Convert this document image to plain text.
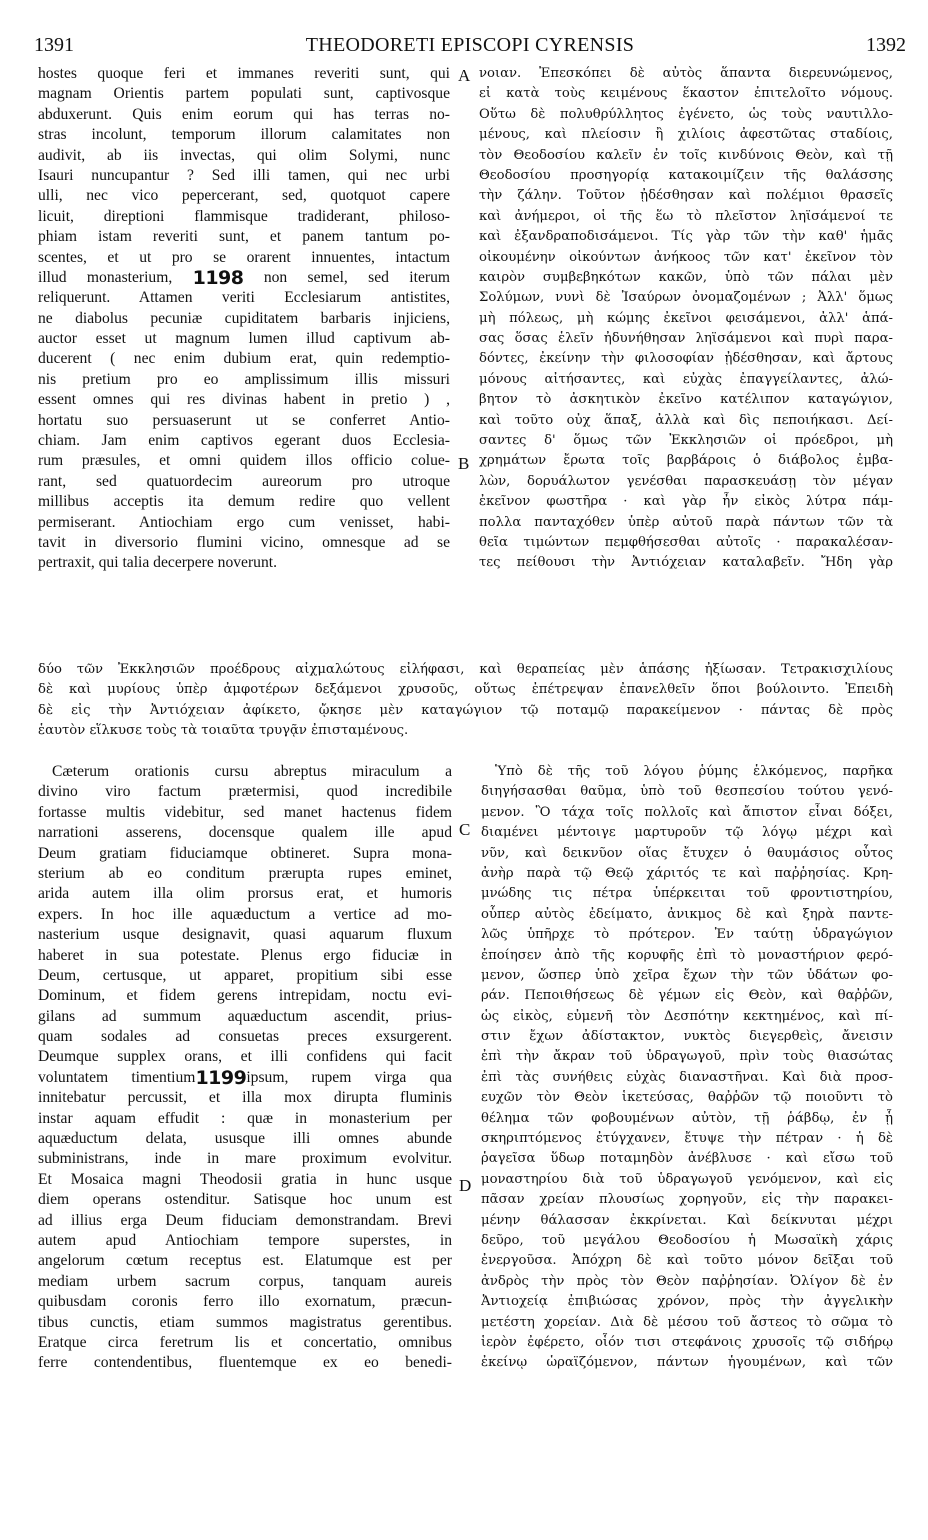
1391	THEODORETI EPISCOPI CYRENSIS	1392
hostes quoque feri et immanes reveriti sunt, qui
magnam Orientis partem populati sunt, captivosque
abduxerunt. Quis enim eorum qui has terras no-
stras incolunt, temporum illorum calamitates non
audivit, ab iis invectas, qui olim Solymi, nunc
Isauri nuncupantur ? Sed illi tamen, qui nec urbi
ulli, nec vico pepercerant, sed, quotquot capere
licuit, direptioni flammisque tradiderant, philoso-
phiam istam reveriti sunt, et panem tantum po-
scentes, et ut pro se orarent innuentes, intactum
illud monasterium, 1198 non semel, sed iterum
reliquerunt. Attamen veriti Ecclesiarum antistites,
ne diabolus pecuniæ cupiditatem barbaris injiciens,
auctor esset ut magnum lumen illud captivum ab-
ducerent ( nec enim dubium erat, quin redemptio-
nis pretium pro eo amplissimum illis missuri
essent omnes qui res divinas habent in pretio ) ,
hortatu suo persuaserunt ut se conferret Antio-
chiam. Jam enim captivos egerant duos Ecclesia-
rum præsules, et omni quidem illos officio colue-
rant, sed quatuordecim aureorum pro utroque
millibus acceptis ita demum redire quo vellent
permiserant. Antiochiam ergo cum venisset, habi-
tavit in diversorio flumini vicino, omnesque ad se
pertraxit, qui talia decerpere noverunt.
A
B
C
D
νοιαν. Ἐπεσκόπει δὲ αὐτὸς ἅπαντα διερευνώμενος,
εἰ κατὰ τοὺς κειμένους ἕκαστον ἐπιτελοῖτο νόμους.
Οὕτω δὲ πολυθρύλλητος ἐγένετο, ὡς τοὺς ναυτιλλο-
μένους, καὶ πλείοσιν ἢ χιλίοις ἀφεστῶτας σταδίοις,
τὸν Θεοδοσίου καλεῖν ἐν τοῖς κινδύνοις Θεὸν, καὶ τῇ
Θεοδοσίου προσηγορίᾳ κατακοιμίζειν τῆς θαλάσσης
τὴν ζάλην. Τοῦτον ᾐδέσθησαν καὶ πολέμιοι θρασεῖς
καὶ ἀνήμεροι, οἱ τῆς ἕω τὸ πλεῖστον ληϊσάμενοί τε
καὶ ἐξανδραποδισάμενοι. Τίς γὰρ τῶν τὴν καθ' ἡμᾶς
οἰκουμένην οἰκούντων ἀνήκοος τῶν κατ' ἐκεῖνον τὸν
καιρὸν συμβεβηκότων κακῶν, ὑπὸ τῶν πάλαι μὲν
Σολύμων, νυνὶ δὲ Ἰσαύρων ὀνομαζομένων ; Ἀλλ' ὅμως
μὴ πόλεως, μὴ κώμης ἐκεῖνοι φεισάμενοι, ἀλλ' ἁπά-
σας ὅσας ἑλεῖν ἠδυνήθησαν ληϊσάμενοι καὶ πυρὶ παρα-
δόντες, ἐκείνην τὴν φιλοσοφίαν ᾐδέσθησαν, καὶ ἄρτους
μόνους αἰτήσαντες, καὶ εὐχὰς ἐπαγγείλαντες, ἀλώ-
βητον τὸ ἀσκητικὸν ἐκεῖνο κατέλιπον καταγώγιον,
καὶ τοῦτο οὐχ ἅπαξ, ἀλλὰ καὶ δὶς πεποιήκασι. Δεί-
σαντες δ' ὅμως τῶν Ἐκκλησιῶν οἱ πρόεδροι, μὴ
χρημάτων ἔρωτα τοῖς βαρβάροις ὁ διάβολος ἐμβα-
λὼν, δορυάλωτον γενέσθαι παρασκευάσῃ τὸν μέγαν
ἐκεῖνον φωστῆρα · καὶ γὰρ ἦν εἰκὸς λύτρα πάμ-
πολλα πανταχόθεν ὑπὲρ αὐτοῦ παρὰ πάντων τῶν τὰ
θεῖα τιμώντων πεμφθήσεσθαι αὐτοῖς · παρακαλέσαν-
τες πείθουσι τὴν Ἀντιόχειαν καταλαβεῖν. Ἤδη γὰρ
δύο τῶν Ἐκκλησιῶν προέδρους αἰχμαλώτους εἰλήφασι, καὶ θεραπείας μὲν ἁπάσης ἠξίωσαν. Τετρακισχιλίους
δὲ καὶ μυρίους ὑπὲρ ἀμφοτέρων δεξάμενοι χρυσοῦς, οὕτως ἐπέτρεψαν ἐπανελθεῖν ὅποι βούλοιντο. Ἐπειδὴ
δὲ εἰς τὴν Ἀντιόχειαν ἀφίκετο, ᾤκησε μὲν καταγώγιον τῷ ποταμῷ παρακείμενον · πάντας δὲ πρὸς
ἑαυτὸν εἵλκυσε τοὺς τὰ τοιαῦτα τρυγᾷν ἐπισταμένους.
Cæterum orationis cursu abreptus miraculum a
divino viro factum prætermisi, quod incredibile
fortasse multis videbitur, sed manet hactenus fidem
narrationi asserens, docensque qualem ille apud
Deum gratiam fiduciamque obtineret. Supra mona-
sterium ab eo conditum prærupta rupes eminet,
arida autem illa olim prorsus erat, et humoris
expers. In hoc ille aquæductum a vertice ad mo-
nasterium usque designavit, quasi aquarum fluxum
haberet in sua potestate. Plenus ergo fiduciæ in
Deum, certusque, ut apparet, propitium sibi esse
Dominum, et fidem gerens intrepidam, noctu evi-
gilans ad summum aquæductum ascendit, prius-
quam sodales ad consuetas preces exsurgerent.
Deumque supplex orans, et illi confidens qui facit
voluntatem timentium1199ipsum, rupem virga qua
innitebatur percussit, et illa mox dirupta fluminis
instar aquam effudit : quæ in monasterium per
aquæductum delata, ususque illi omnes abunde
subministrans, inde in mare proximum evolvitur.
Et Mosaica magni Theodosii gratia in hunc usque
diem operans ostenditur. Satisque hoc unum est
ad illius erga Deum fiduciam demonstrandam. Brevi
autem apud Antiochiam tempore superstes, in
angelorum cœtum receptus est. Elatumque est per
mediam urbem sacrum corpus, tanquam aureis
quibusdam coronis ferro illo exornatum, præcun-
tibus cunctis, etiam summos magistratus gerentibus.
Eratque circa feretrum lis et concertatio, omnibus
ferre contendentibus, fluentemque ex eo benedi-
Ὑπὸ δὲ τῆς τοῦ λόγου ῥύμης ἑλκόμενος, παρῆκα
διηγήσασθαι θαῦμα, ὑπὸ τοῦ θεσπεσίου τούτου γενό-
μενον. Ὃ τάχα τοῖς πολλοῖς καὶ ἄπιστον εἶναι δόξει,
διαμένει μέντοιγε μαρτυροῦν τῷ λόγῳ μέχρι καὶ
νῦν, καὶ δεικνῦον οἵας ἔτυχεν ὁ θαυμάσιος οὗτος
ἀνὴρ παρὰ τῷ Θεῷ χάριτός τε καὶ παῤῥησίας. Κρη-
μνώδης τις πέτρα ὑπέρκειται τοῦ φροντιστηρίου,
οὗπερ αὐτὸς ἐδείματο, ἀνικμος δὲ καὶ ξηρὰ παντε-
λῶς ὑπῆρχε τὸ πρότερον. Ἐν ταύτῃ ὑδραγώγιον
ἐποίησεν ἀπὸ τῆς κορυφῆς ἐπὶ τὸ μοναστήριον φερό-
μενον, ὥσπερ ὑπὸ χεῖρα ἔχων τὴν τῶν ὑδάτων φο-
ράν. Πεποιθήσεως δὲ γέμων εἰς Θεὸν, καὶ θαῤῥῶν,
ὡς εἰκὸς, εὐμενῆ τὸν Δεσπότην κεκτημένος, καὶ πί-
στιν ἔχων ἀδίστακτον, νυκτὸς διεγερθεὶς, ἄνεισιν
ἐπὶ τὴν ἄκραν τοῦ ὑδραγωγοῦ, πρὶν τοὺς θιασώτας
ἐπὶ τὰς συνήθεις εὐχὰς διαναστῆναι. Καὶ διὰ προσ-
ευχῶν τὸν Θεὸν ἱκετεύσας, θαῤῥῶν τῷ ποιοῦντι τὸ
θέλημα τῶν φοβουμένων αὐτὸν, τῇ ῥάβδῳ, ἐν ᾗ
σκηριπτόμενος ἐτύγχανεν, ἔτυψε τὴν πέτραν · ἡ δὲ
ῥαγεῖσα ὕδωρ ποταμηδὸν ἀνέβλυσε · καὶ εἴσω τοῦ
μοναστηρίου διὰ τοῦ ὑδραγωγοῦ γενόμενον, καὶ εἰς
πᾶσαν χρείαν πλουσίως χορηγοῦν, εἰς τὴν παρακει-
μένην θάλασσαν ἐκκρίνεται. Καὶ δείκνυται μέχρι
δεῦρο, τοῦ μεγάλου Θεοδοσίου ἡ Μωσαϊκὴ χάρις
ἐνεργοῦσα. Ἀπόχρη δὲ καὶ τοῦτο μόνον δεῖξαι τοῦ
ἀνδρὸς τὴν πρὸς τὸν Θεὸν παῤῥησίαν. Ὀλίγον δὲ ἐν
Ἀντιοχείᾳ ἐπιβιώσας χρόνον, πρὸς τὴν ἀγγελικὴν
μετέστη χορείαν. Διὰ δὲ μέσου τοῦ ἄστεος τὸ σῶμα τὸ
ἱερὸν ἐφέρετο, οἷόν τισι στεφάνοις χρυσοῖς τῷ σιδήρῳ
ἐκείνῳ ὡραϊζόμενον, πάντων ἡγουμένων, καὶ τῶν
